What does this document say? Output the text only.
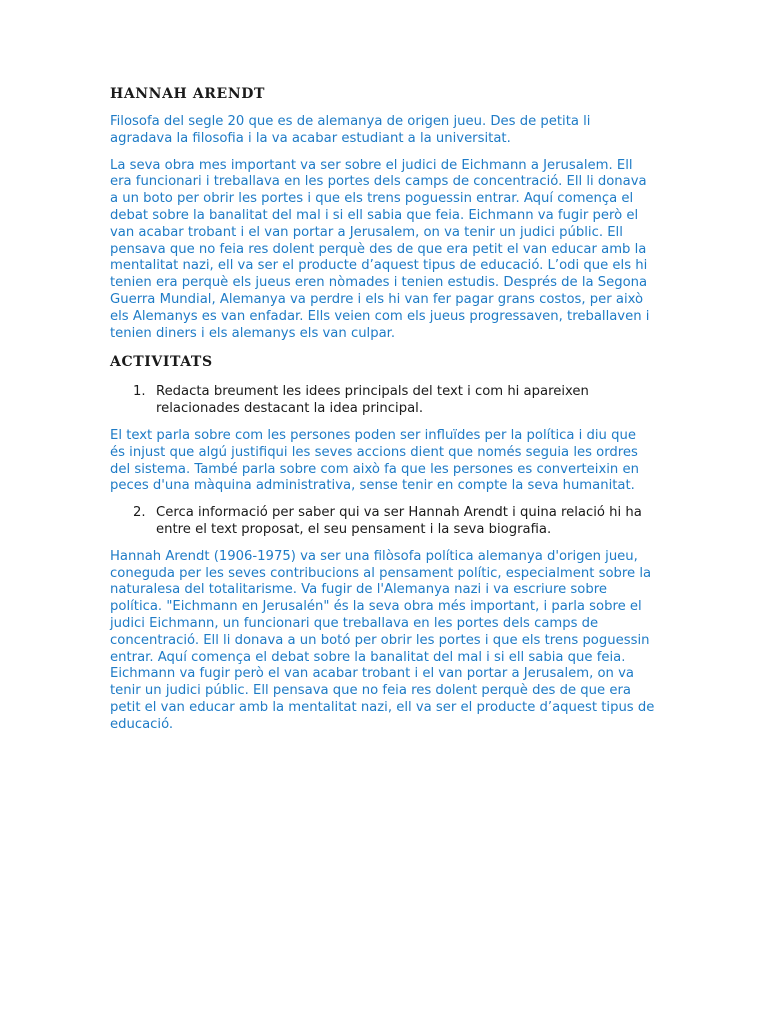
HANNAH ARENDT

Filosofa del segle 20 que es de alemanya de origen jueu. Des de petita li agradava la filosofia i la va acabar estudiant a la universitat.

La seva obra mes important va ser sobre el judici de Eichmann a Jerusalem. Ell era funcionari i treballava en les portes dels camps de concentració. Ell li donava a un boto per obrir les portes i que els trens poguessin entrar. Aquí comença el debat sobre la banalitat del mal i si ell sabia que feia. Eichmann va fugir però el van acabar trobant i el van portar a Jerusalem, on va tenir un judici públic. Ell pensava que no feia res dolent perquè des de que era petit el van educar amb la mentalitat nazi, ell va ser el producte d’aquest tipus de educació. L’odi que els hi tenien era perquè els jueus eren nòmades i tenien estudis. Després de la Segona Guerra Mundial, Alemanya va perdre i els hi van fer pagar grans costos, per això els Alemanys es van enfadar. Ells veien com els jueus progressaven, treballaven i tenien diners i els alemanys els van culpar.

ACTIVITATS
1. Redacta breument les idees principals del text i com hi apareixen relacionades destacant la idea principal.

El text parla sobre com les persones poden ser influïdes per la política i diu que és injust que algú justifiqui les seves accions dient que només seguia les ordres del sistema. També parla sobre com això fa que les persones es converteixin en peces d'una màquina administrativa, sense tenir en compte la seva humanitat.

2. Cerca informació per saber qui va ser Hannah Arendt i quina relació hi ha entre el text proposat, el seu pensament i la seva biografia.

Hannah Arendt (1906-1975) va ser una filòsofa política alemanya d'origen jueu, coneguda per les seves contribucions al pensament polític, especialment sobre la naturalesa del totalitarisme. Va fugir de l'Alemanya nazi i va escriure sobre política. "Eichmann en Jerusalén" és la seva obra més important, i parla sobre el judici Eichmann, un funcionari que treballava en les portes dels camps de concentració. Ell li donava a un botó per obrir les portes i que els trens poguessin entrar. Aquí comença el debat sobre la banalitat del mal i si ell sabia que feia. Eichmann va fugir però el van acabar trobant i el van portar a Jerusalem, on va tenir un judici públic. Ell pensava que no feia res dolent perquè des de que era petit el van educar amb la mentalitat nazi, ell va ser el producte d’aquest tipus de educació.
